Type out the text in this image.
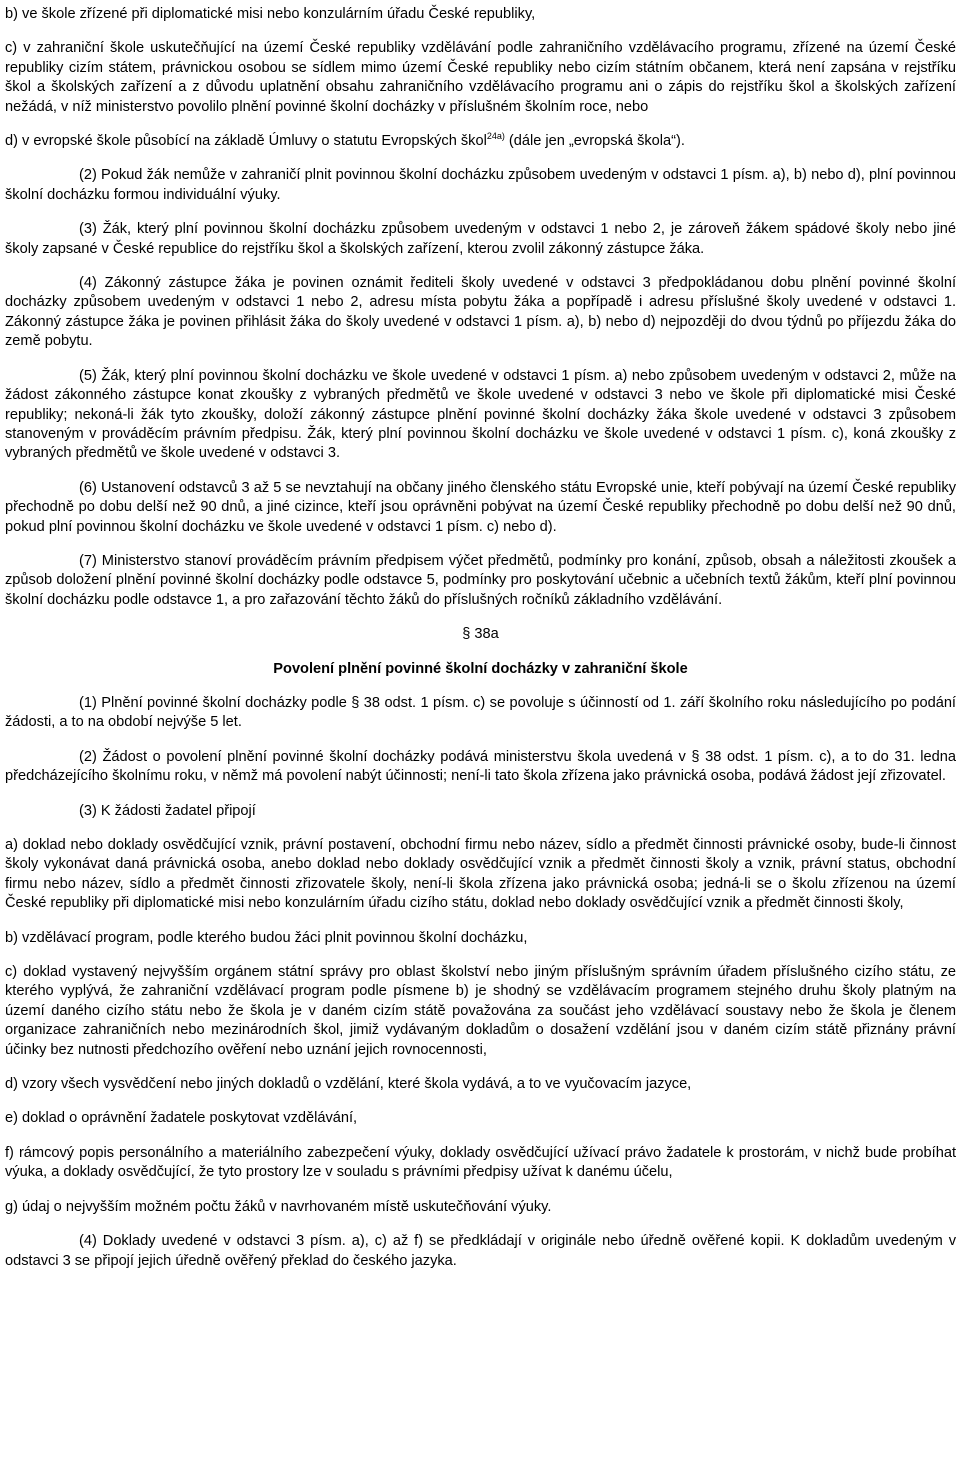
b) ve škole zřízené při diplomatické misi nebo konzulárním úřadu České republiky,

c) v zahraniční škole uskutečňující na území České republiky vzdělávání podle zahraničního vzdělávacího programu, zřízené na území České republiky cizím státem, právnickou osobou se sídlem mimo území České republiky nebo cizím státním občanem, která není zapsána v rejstříku škol a školských zařízení a z důvodu uplatnění obsahu zahraničního vzdělávacího programu ani o zápis do rejstříku škol a školských zařízení nežádá, v níž ministerstvo povolilo plnění povinné školní docházky v příslušném školním roce, nebo

d) v evropské škole působící na základě Úmluvy o statutu Evropských škol$^{24a)}$ (dále jen „evropská škola“).

(2) Pokud žák nemůže v zahraničí plnit povinnou školní docházku způsobem uvedeným v odstavci 1 písm. a), b) nebo d), plní povinnou školní docházku formou individuální výuky.

(3) Žák, který plní povinnou školní docházku způsobem uvedeným v odstavci 1 nebo 2, je zároveň žákem spádové školy nebo jiné školy zapsané v České republice do rejstříku škol a školských zařízení, kterou zvolil zákonný zástupce žáka.

(4) Zákonný zástupce žáka je povinen oznámit řediteli školy uvedené v odstavci 3 předpokládanou dobu plnění povinné školní docházky způsobem uvedeným v odstavci 1 nebo 2, adresu místa pobytu žáka a popřípadě i adresu příslušné školy uvedené v odstavci 1. Zákonný zástupce žáka je povinen přihlásit žáka do školy uvedené v odstavci 1 písm. a), b) nebo d) nejpozději do dvou týdnů po příjezdu žáka do země pobytu.

(5) Žák, který plní povinnou školní docházku ve škole uvedené v odstavci 1 písm. a) nebo způsobem uvedeným v odstavci 2, může na žádost zákonného zástupce konat zkoušky z vybraných předmětů ve škole uvedené v odstavci 3 nebo ve škole při diplomatické misi České republiky; nekoná-li žák tyto zkoušky, doloží zákonný zástupce plnění povinné školní docházky žáka škole uvedené v odstavci 3 způsobem stanoveným v prováděcím právním předpisu. Žák, který plní povinnou školní docházku ve škole uvedené v odstavci 1 písm. c), koná zkoušky z vybraných předmětů ve škole uvedené v odstavci 3.

(6) Ustanovení odstavců 3 až 5 se nevztahují na občany jiného členského státu Evropské unie, kteří pobývají na území České republiky přechodně po dobu delší než 90 dnů, a jiné cizince, kteří jsou oprávněni pobývat na území České republiky přechodně po dobu delší než 90 dnů, pokud plní povinnou školní docházku ve škole uvedené v odstavci 1 písm. c) nebo d).

(7) Ministerstvo stanoví prováděcím právním předpisem výčet předmětů, podmínky pro konání, způsob, obsah a náležitosti zkoušek a způsob doložení plnění povinné školní docházky podle odstavce 5, podmínky pro poskytování učebnic a učebních textů žákům, kteří plní povinnou školní docházku podle odstavce 1, a pro zařazování těchto žáků do příslušných ročníků základního vzdělávání.

§ 38a

Povolení plnění povinné školní docházky v zahraniční škole

(1) Plnění povinné školní docházky podle § 38 odst. 1 písm. c) se povoluje s účinností od 1. září školního roku následujícího po podání žádosti, a to na období nejvýše 5 let.

(2) Žádost o povolení plnění povinné školní docházky podává ministerstvu škola uvedená v § 38 odst. 1 písm. c), a to do 31. ledna předcházejícího školnímu roku, v němž má povolení nabýt účinnosti; není-li tato škola zřízena jako právnická osoba, podává žádost její zřizovatel.

(3) K žádosti žadatel připojí

a) doklad nebo doklady osvědčující vznik, právní postavení, obchodní firmu nebo název, sídlo a předmět činnosti právnické osoby, bude-li činnost školy vykonávat daná právnická osoba, anebo doklad nebo doklady osvědčující vznik a předmět činnosti školy a vznik, právní status, obchodní firmu nebo název, sídlo a předmět činnosti zřizovatele školy, není-li škola zřízena jako právnická osoba; jedná-li se o školu zřízenou na území České republiky při diplomatické misi nebo konzulárním úřadu cizího státu, doklad nebo doklady osvědčující vznik a předmět činnosti školy,

b) vzdělávací program, podle kterého budou žáci plnit povinnou školní docházku,

c) doklad vystavený nejvyšším orgánem státní správy pro oblast školství nebo jiným příslušným správním úřadem příslušného cizího státu, ze kterého vyplývá, že zahraniční vzdělávací program podle písmene b) je shodný se vzdělávacím programem stejného druhu školy platným na území daného cizího státu nebo že škola je v daném cizím státě považována za součást jeho vzdělávací soustavy nebo že škola je členem organizace zahraničních nebo mezinárodních škol, jimiž vydávaným dokladům o dosažení vzdělání jsou v daném cizím státě přiznány právní účinky bez nutnosti předchozího ověření nebo uznání jejich rovnocennosti,

d) vzory všech vysvědčení nebo jiných dokladů o vzdělání, které škola vydává, a to ve vyučovacím jazyce,

e) doklad o oprávnění žadatele poskytovat vzdělávání,

f) rámcový popis personálního a materiálního zabezpečení výuky, doklady osvědčující užívací právo žadatele k prostorám, v nichž bude probíhat výuka, a doklady osvědčující, že tyto prostory lze v souladu s právními předpisy užívat k danému účelu,

g) údaj o nejvyšším možném počtu žáků v navrhovaném místě uskutečňování výuky.

(4) Doklady uvedené v odstavci 3 písm. a), c) až f) se předkládají v originále nebo úředně ověřené kopii. K dokladům uvedeným v odstavci 3 se připojí jejich úředně ověřený překlad do českého jazyka.
